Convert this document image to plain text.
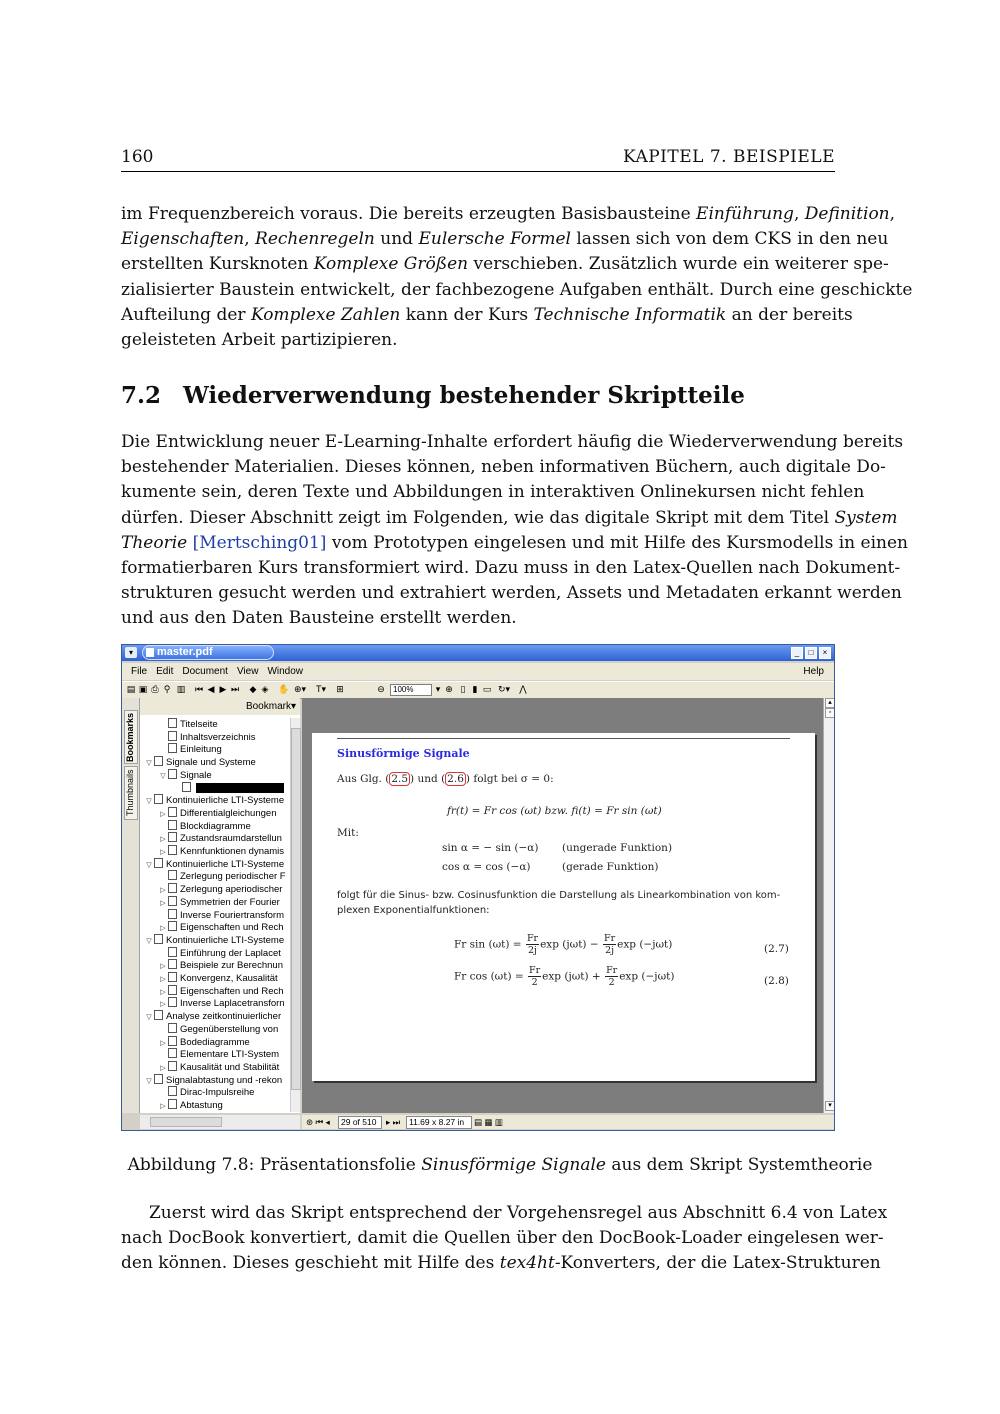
160	KAPITEL 7. BEISPIELE

im Frequenzbereich voraus. Die bereits erzeugten Basisbausteine Einführung, Definition,
Eigenschaften, Rechenregeln und Eulersche Formel lassen sich von dem CKS in den neu
erstellten Kursknoten Komplexe Größen verschieben. Zusätzlich wurde ein weiterer spe-
zialisierter Baustein entwickelt, der fachbezogene Aufgaben enthält. Durch eine geschickte
Aufteilung der Komplexe Zahlen kann der Kurs Technische Informatik an der bereits
geleisteten Arbeit partizipieren.

7.2 Wiederverwendung bestehender Skriptteile

Die Entwicklung neuer E-Learning-Inhalte erfordert häufig die Wiederverwendung bereits
bestehender Materialien. Dieses können, neben informativen Büchern, auch digitale Do-
kumente sein, deren Texte und Abbildungen in interaktiven Onlinekursen nicht fehlen
dürfen. Dieser Abschnitt zeigt im Folgenden, wie das digitale Skript mit dem Titel System
Theorie [Mertsching01] vom Prototypen eingelesen und mit Hilfe des Kursmodells in einen
formatierbaren Kurs transformiert wird. Dazu muss in den Latex-Quellen nach Dokument-
strukturen gesucht werden und extrahiert werden, Assets und Metadaten erkannt werden
und aus den Daten Bausteine erstellt werden.

▾	master.pdf	_ □ ×
File Edit Document View Window	Help
▤ ▣ ⎙ ⚲ ▥ ⏮ ◀ ▶ ⏭ ◆ ◈ ✋ ⊕▾	T▾	⊞	⊖	100%	▾ ⊕ ▯ ▮ ▭ ↻▾ ⋀
Bookmarks
Thumbnails
Bookmark▾
Titelseite
Inhaltsverzeichnis
Einleitung
▽ Signale und Systeme
▽ Signale
▽ Kontinuierliche LTI-Systeme
▷ Differentialgleichungen
Blockdiagramme
▷ Zustandsraumdarstellun
▷ Kennfunktionen dynamis
▽ Kontinuierliche LTI-Systeme
Zerlegung periodischer F
▷ Zerlegung aperiodischer
▷ Symmetrien der Fourier
Inverse Fouriertransform
▷ Eigenschaften und Rech
▽ Kontinuierliche LTI-Systeme
Einführung der Laplacet
▷ Beispiele zur Berechnun
▷ Konvergenz, Kausalität
▷ Eigenschaften und Rech
▷ Inverse Laplacetransforn
▽ Analyse zeitkontinuierlicher
Gegenüberstellung von
▷ Bodediagramme
Elementare LTI-System
▷ Kausalität und Stabilität
▽ Signalabtastung und -rekon
Dirac-Impulsreihe
▷ Abtastung
Sinusförmige Signale
Aus Glg. ( 2.5 ) und ( 2.6 ) folgt bei σ = 0:
fr(t) = Fr cos (ωt) bzw. fi(t) = Fr sin (ωt)
Mit:
sin α = − sin (−α) (ungerade Funktion)
cos α = cos (−α)	(gerade Funktion)
folgt für die Sinus- bzw. Cosinusfunktion die Darstellung als Linearkombination von kom-
plexen Exponentialfunktionen:
Fr $\sin (\omega t) = \frac{Fr}{2j}$ $\exp (j\omega t) - \frac{Fr}{2j}$ exp (−jωt)	(2.7)
Fr $\cos (\omega t) = \frac{Fr}{2}$ $\exp (j\omega t) + \frac{Fr}{2}$ exp (−jωt)	(2.8)
▴
▫
▾
⊛ ⏮ ◂	29 of 510	▸ ⏭	11.69 x 8.27 in	▤ ▦ ▥
Abbildung 7.8: Präsentationsfolie Sinusförmige Signale aus dem Skript Systemtheorie

Zuerst wird das Skript entsprechend der Vorgehensregel aus Abschnitt 6.4 von Latex
nach DocBook konvertiert, damit die Quellen über den DocBook-Loader eingelesen wer-
den können. Dieses geschieht mit Hilfe des tex4ht-Konverters, der die Latex-Strukturen
